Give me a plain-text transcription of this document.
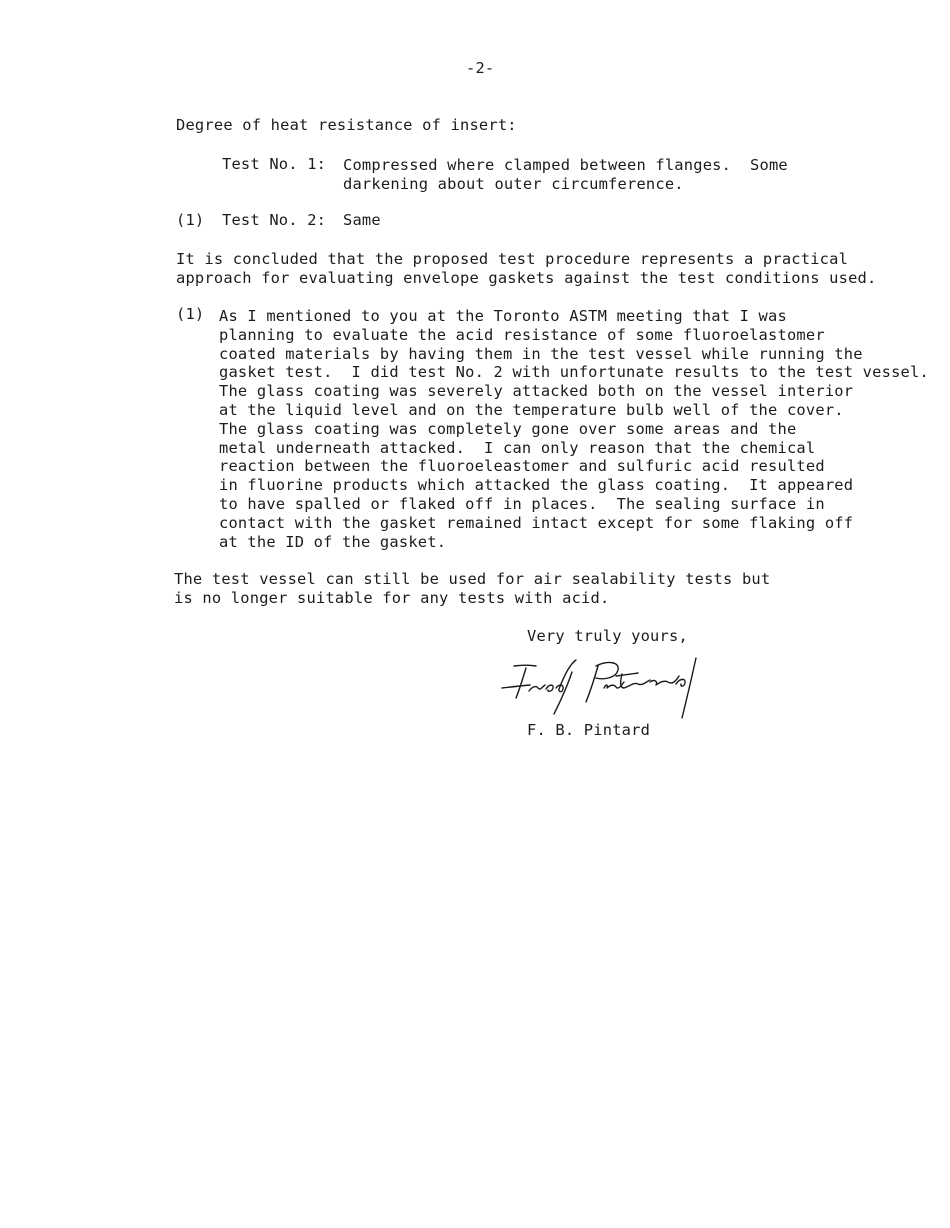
-2-
Degree of heat resistance of insert:
Test No. 1: Compressed where clamped between flanges.  Some
darkening about outer circumference.
(1) Test No. 2: Same
It is concluded that the proposed test procedure represents a practical
approach for evaluating envelope gaskets against the test conditions used.
(1) As I mentioned to you at the Toronto ASTM meeting that I was
planning to evaluate the acid resistance of some fluoroelastomer
coated materials by having them in the test vessel while running the
gasket test.  I did test No. 2 with unfortunate results to the test vessel.
The glass coating was severely attacked both on the vessel interior
at the liquid level and on the temperature bulb well of the cover.
The glass coating was completely gone over some areas and the
metal underneath attacked.  I can only reason that the chemical
reaction between the fluoroeleastomer and sulfuric acid resulted
in fluorine products which attacked the glass coating.  It appeared
to have spalled or flaked off in places.  The sealing surface in
contact with the gasket remained intact except for some flaking off
at the ID of the gasket.
The test vessel can still be used for air sealability tests but
is no longer suitable for any tests with acid.
Very truly yours,
F. B. Pintard
